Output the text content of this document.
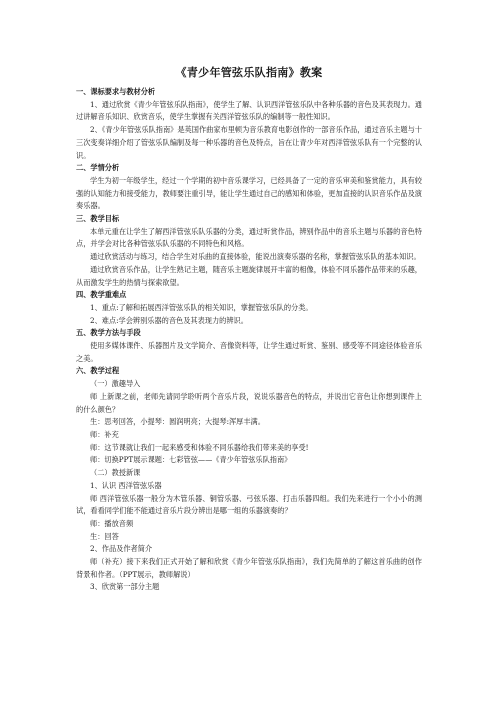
《青少年管弦乐队指南》教案

一、课标要求与教材分析

1、通过欣赏《青少年管弦乐队指南》，使学生了解、认识西洋管弦乐队中各种乐器的音色及其表现力。通过讲解音乐知识、欣赏音乐，使学生掌握有关西洋管弦乐队的编制等一般性知识。

2、《青少年管弦乐队指南》是英国作曲家布里顿为音乐教育电影创作的一部音乐作品，通过音乐主题与十三次变奏详细介绍了管弦乐队编制及每一种乐器的音色及特点，旨在让青少年对西洋管弦乐队有一个完整的认识。

二、学情分析

学生为初一年级学生，经过一个学期的初中音乐课学习，已经具备了一定的音乐审美和鉴赏能力，具有较强的认知能力和接受能力，教师要注重引导，能让学生通过自己的感知和体验，更加直接的认识音乐作品及演奏乐器。

三、教学目标

本单元重在让学生了解西洋管弦乐队乐器的分类，通过听赏作品，辨别作品中的音乐主题与乐器的音色特点，并学会对比各种管弦乐队乐器的不同特色和风格。

通过欣赏活动与练习，结合学生对乐曲的直接体验，能说出演奏乐器的名称，掌握管弦乐队的基本知识。

通过欣赏音乐作品，让学生熟记主题，随音乐主题旋律展开丰富的相像，体验不同乐器作品带来的乐趣，从而激发学生的热情与探索欲望。

四、教学重难点

1、重点:了解和拓展西洋管弦乐队的相关知识，掌握管弦乐队的分类。

2、难点:学会辨别乐器的音色及其表现力的辨识。

五、教学方法与手段

使用多媒体课件、乐器图片及文学简介、音像资料等，让学生通过听赏、鉴别、感受等不同途径体验音乐之美。

六、教学过程

（一）激趣导入

师 上新课之前，老师先请同学聆听两个音乐片段，说说乐器音色的特点，并说出它音色让你想到课件上的什么颜色？

生：思考回答，小提琴：圆润明亮；大提琴:浑厚丰满。

师：补充

师：这节课就让我们一起来感受和体验不同乐器给我们带来美的享受!

师：切换PPT展示课题：七彩管弦——《青少年管弦乐队指南》

（二）教授新课

1、认识 西洋管弦乐器

师 西洋管弦乐器一般分为木管乐器、铜管乐器、弓弦乐器、打击乐器四组。我们先来进行一个小小的测试，看看同学们能不能通过音乐片段分辨出是哪一组的乐器演奏的？

师：播放音频

生：回答

2、作品及作者简介

师（补充）接下来我们正式开始了解和欣赏《青少年管弦乐队指南》，我们先简单的了解这首乐曲的创作背景和作者。（PPT展示，教师解说）

3、欣赏第一部分主题
